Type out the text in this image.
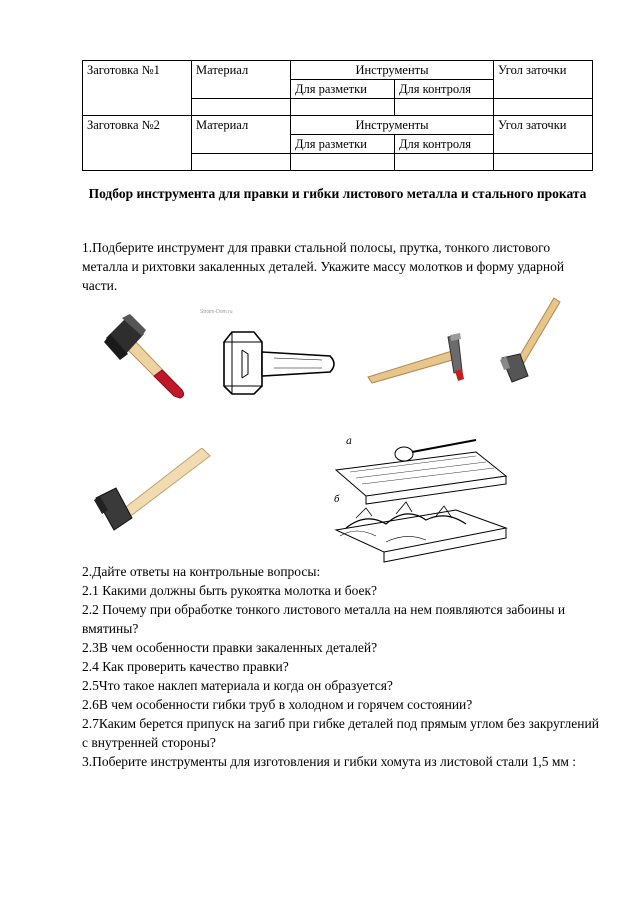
Заготовка №1	Материал	Инструменты		Угол заточки
		Для разметки	Для контроля	

Заготовка №2	Материал	Инструменты		Угол заточки
		Для разметки	Для контроля	

Подбор инструмента для правки и гибки листового металла и стального проката
1.Подберите инструмент для правки стальной полосы, прутка, тонкого листового металла и рихтовки закаленных деталей. Укажите массу молотков и форму ударной части.
Stroim-Dom.ru
a
б
2.Дайте ответы на контрольные вопросы:
2.1 Какими должны быть рукоятка молотка и боек?
2.2 Почему при обработке тонкого листового металла на нем появляются забоины и вмятины?
2.3В чем особенности правки закаленных деталей?
2.4 Как проверить качество правки?
2.5Что такое наклеп материала и когда он образуется?
2.6В чем особенности гибки труб в холодном и горячем состоянии?
2.7Каким берется припуск на загиб при гибке деталей под прямым углом без закруглений с внутренней стороны?
3.Поберите инструменты для изготовления и гибки хомута из листовой стали 1,5 мм :
